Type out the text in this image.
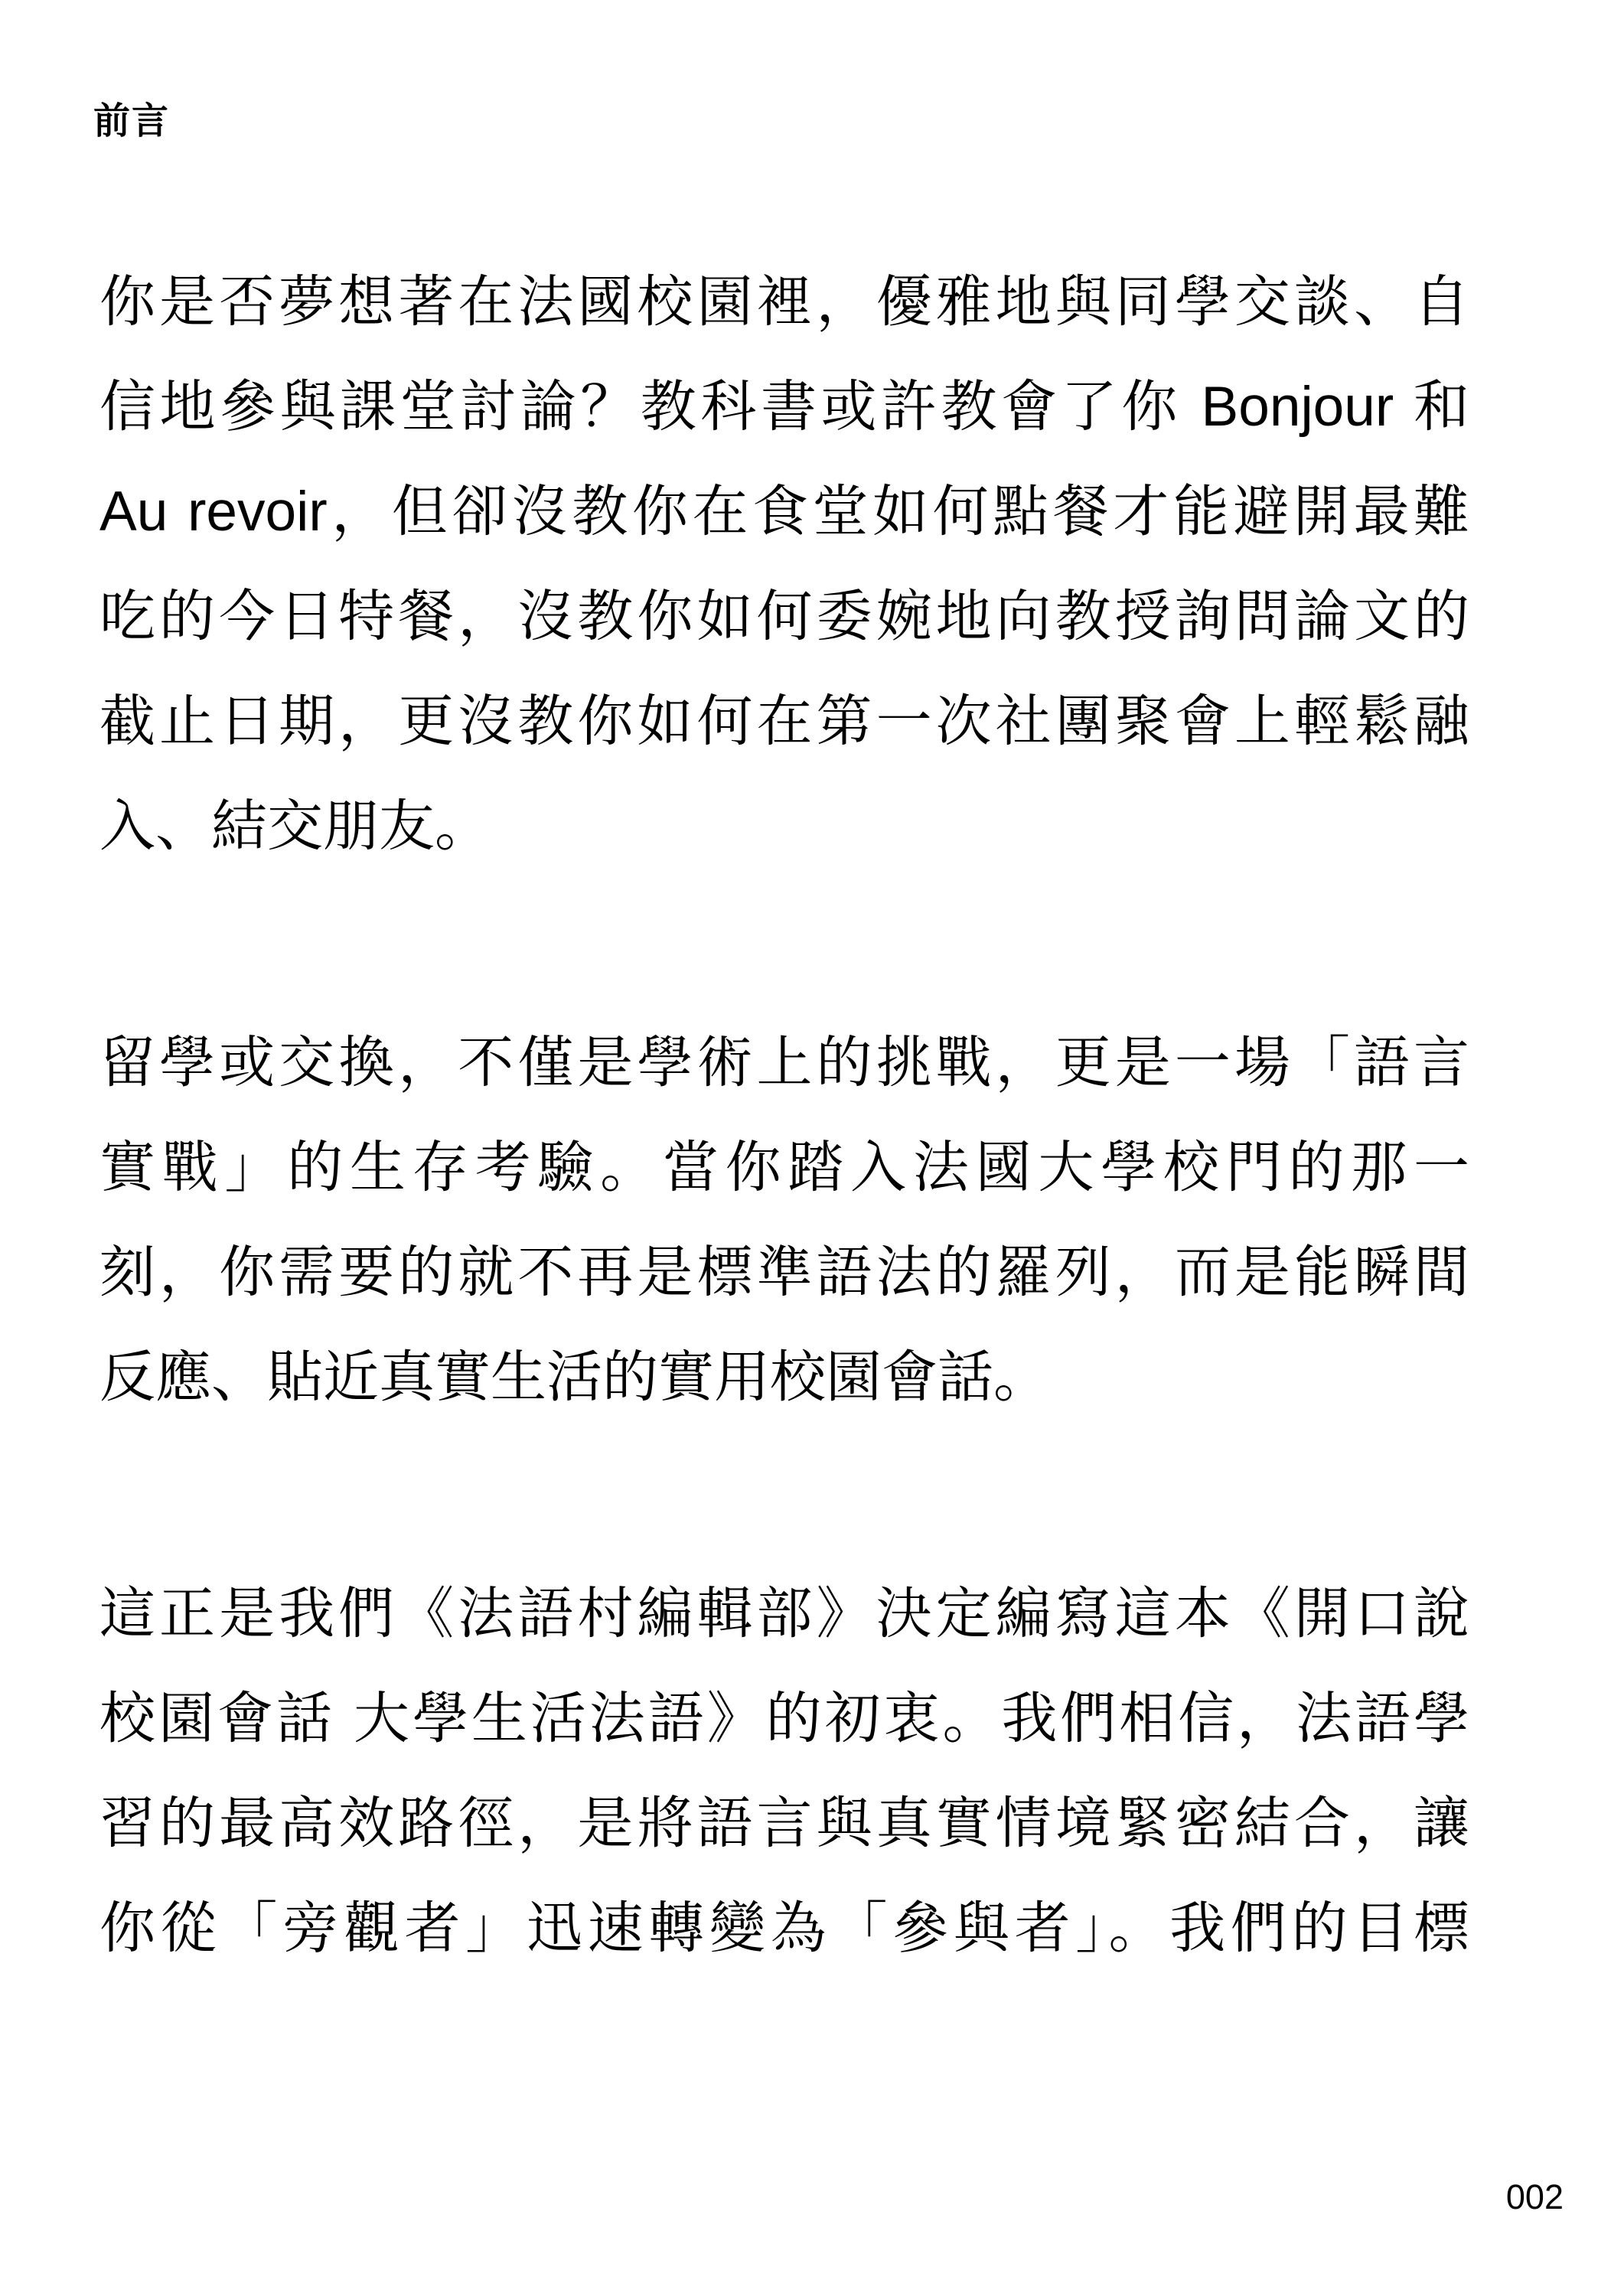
前言
你是否夢想著在法國校園裡，優雅地與同學交談、自
信地參與課堂討論？教科書或許教會了你 Bonjour 和
Au revoir，但卻沒教你在食堂如何點餐才能避開最難
吃的今日特餐，沒教你如何委婉地向教授詢問論文的
截止日期，更沒教你如何在第一次社團聚會上輕鬆融
入、結交朋友。
留學或交換，不僅是學術上的挑戰，更是一場「語言
實戰」的生存考驗。當你踏入法國大學校門的那一
刻，你需要的就不再是標準語法的羅列，而是能瞬間
反應、貼近真實生活的實用校園會話。
這正是我們《法語村編輯部》決定編寫這本《開口說
校園會話 大學生活法語》的初衷。我們相信，法語學
習的最高效路徑，是將語言與真實情境緊密結合，讓
你從「旁觀者」迅速轉變為「參與者」。我們的目標
002
